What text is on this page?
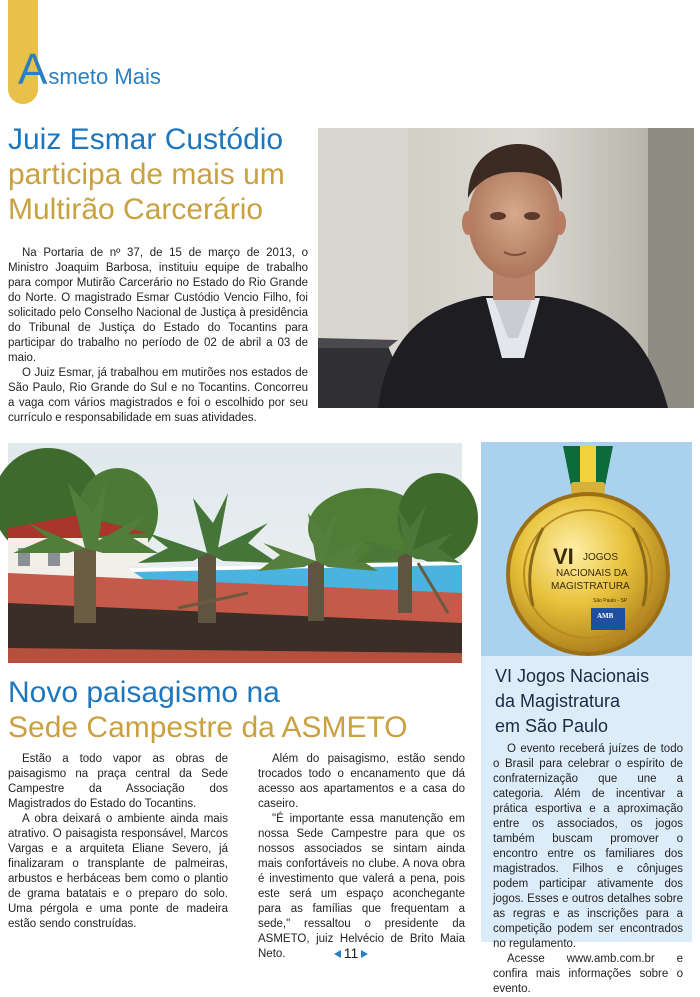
A smeto Mais
Juiz Esmar Custódio
participa de mais um
Multirão Carcerário

Na Portaria de nº 37, de 15 de março de 2013, o Ministro Joaquim Barbosa, instituiu equipe de trabalho para compor Mutirão Carcerário no Estado do Rio Grande do Norte. O magistrado Esmar Custódio Vencio Filho, foi solicitado pelo Conselho Nacional de Justiça à presidência do Tribunal de Justiça do Estado do Tocantins para participar do trabalho no período de 02 de abril a 03 de maio.

O Juiz Esmar, já trabalhou em mutirões nos estados de São Paulo, Rio Grande do Sul e no Tocantins. Concorreu a vaga com vários magistrados e foi o escolhido por seu currículo e responsabilidade em suas atividades.

Novo paisagismo na
Sede Campestre da ASMETO

Estão a todo vapor as obras de paisagismo na praça central da Sede Campestre da Associação dos Magistrados do Estado do Tocantins.

A obra deixará o ambiente ainda mais atrativo. O paisagista responsável, Marcos Vargas e a arquiteta Eliane Severo, já finalizaram o transplante de palmeiras, arbustos e herbáceas bem como o plantio de grama batatais e o preparo do solo. Uma pérgola e uma ponte de madeira estão sendo construídas.

Além do paisagismo, estão sendo trocados todo o encanamento que dá acesso aos apartamentos e a casa do caseiro.

"É importante essa manutenção em nossa Sede Campestre para que os nossos associados se sintam ainda mais confortáveis no clube. A nova obra é investimento que valerá a pena, pois este será um espaço aconchegante para as famílias que frequentam a sede," ressaltou o presidente da ASMETO, juiz Helvécio de Brito Maia Neto.

VI JOGOS
NACIONAIS DA
MAGISTRATURA
São Paulo - SP
AMB
VI Jogos Nacionais
da Magistratura
em São Paulo

O evento receberá juízes de todo o Brasil para celebrar o espírito de confraternização que une a categoria. Além de incentivar a prática esportiva e a aproximação entre os associados, os jogos também buscam promover o encontro entre os familiares dos magistrados. Filhos e cônjuges podem participar ativamente dos jogos. Esses e outros detalhes sobre as regras e as inscrições para a competição podem ser encontrados no regulamento.

Acesse www.amb.com.br e confira mais informações sobre o evento.

11
